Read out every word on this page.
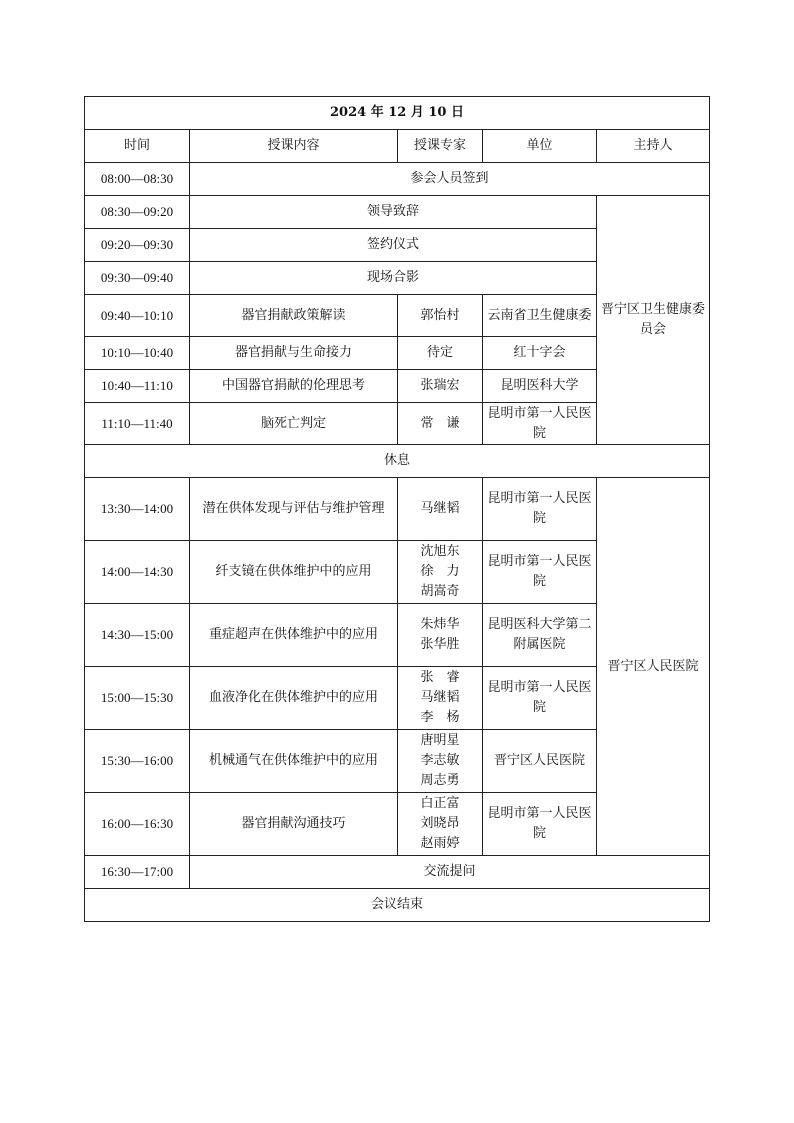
2024 年 12 月 10 日				
时间	授课内容	授课专家	单位	主持人
08:00—08:30	参会人员签到			
08:30—09:20	领导致辞			晋宁区卫生健康委员会
09:20—09:30	签约仪式			
09:30—09:40	现场合影			
09:40—10:10	器官捐献政策解读	郭怡村	云南省卫生健康委	
10:10—10:40	器官捐献与生命接力	待定	红十字会	
10:40—11:10	中国器官捐献的伦理思考	张瑞宏	昆明医科大学	
11:10—11:40	脑死亡判定	常　谦	昆明市第一人民医院	
休息				
13:30—14:00	潜在供体发现与评估与维护管理	马继韬	昆明市第一人民医院	晋宁区人民医院
14:00—14:30	纤支镜在供体维护中的应用	沈旭东
徐　力
胡嵩奇	昆明市第一人民医院	
14:30—15:00	重症超声在供体维护中的应用	朱炜华
张华胜	昆明医科大学第二附属医院	
15:00—15:30	血液净化在供体维护中的应用	张　睿
马继韬
李　杨	昆明市第一人民医院	
15:30—16:00	机械通气在供体维护中的应用	唐明星
李志敏
周志勇	晋宁区人民医院	
16:00—16:30	器官捐献沟通技巧	白正富
刘晓昂
赵雨婷	昆明市第一人民医院	
16:30—17:00	交流提问			
会议结束				
